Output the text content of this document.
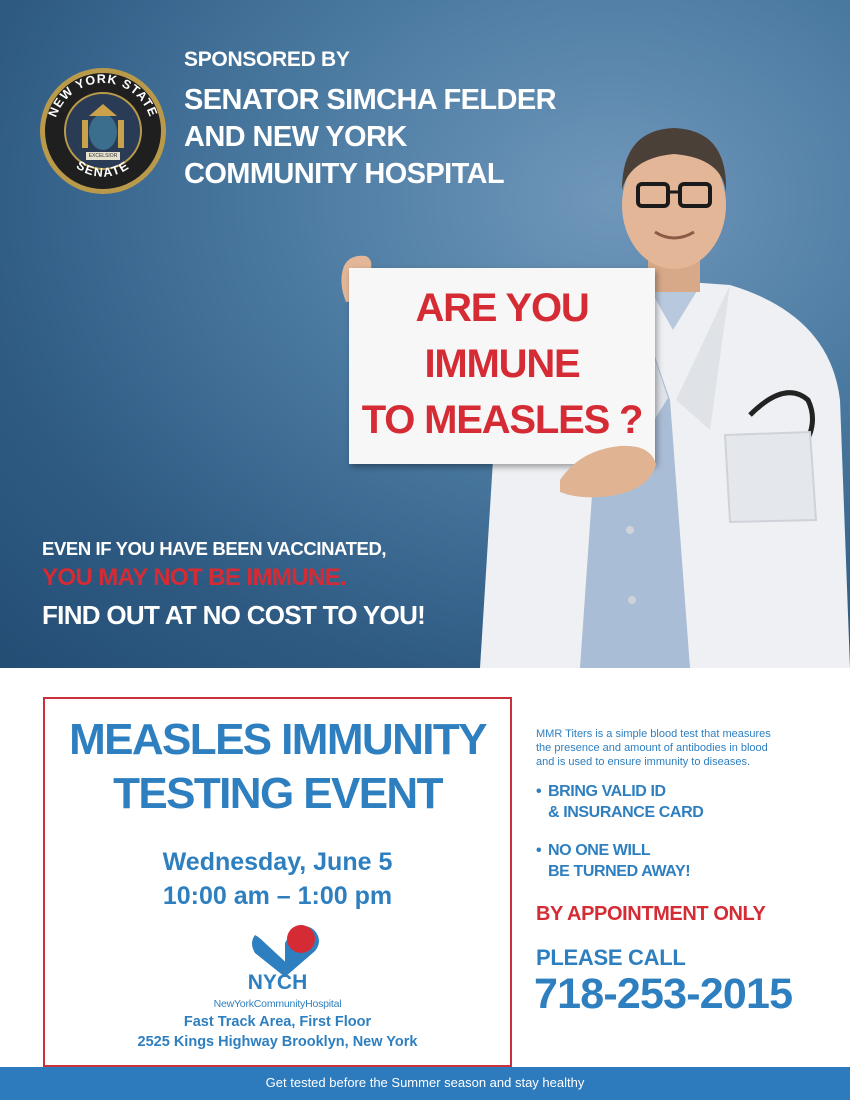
NEW YORK STATE
SENATE
EXCELSIOR
SPONSORED BY
SENATOR SIMCHA FELDER
AND NEW YORK
COMMUNITY HOSPITAL
ARE YOU
IMMUNE
TO MEASLES ?
EVEN IF YOU HAVE BEEN VACCINATED,
YOU MAY NOT BE IMMUNE.
FIND OUT AT NO COST TO YOU!
MEASLES IMMUNITY
TESTING EVENT
Wednesday, June 5
10:00 am – 1:00 pm
NYCH
NewYorkCommunityHospital
Fast Track Area, First Floor
2525 Kings Highway Brooklyn, New York
MMR Titers is a simple blood test that measures the presence and amount of antibodies in blood and is used to ensure immunity to diseases.
• BRING VALID ID
& INSURANCE CARD
• NO ONE WILL
BE TURNED AWAY!
BY APPOINTMENT ONLY
PLEASE CALL
718-253-2015
Get tested before the Summer season and stay healthy
